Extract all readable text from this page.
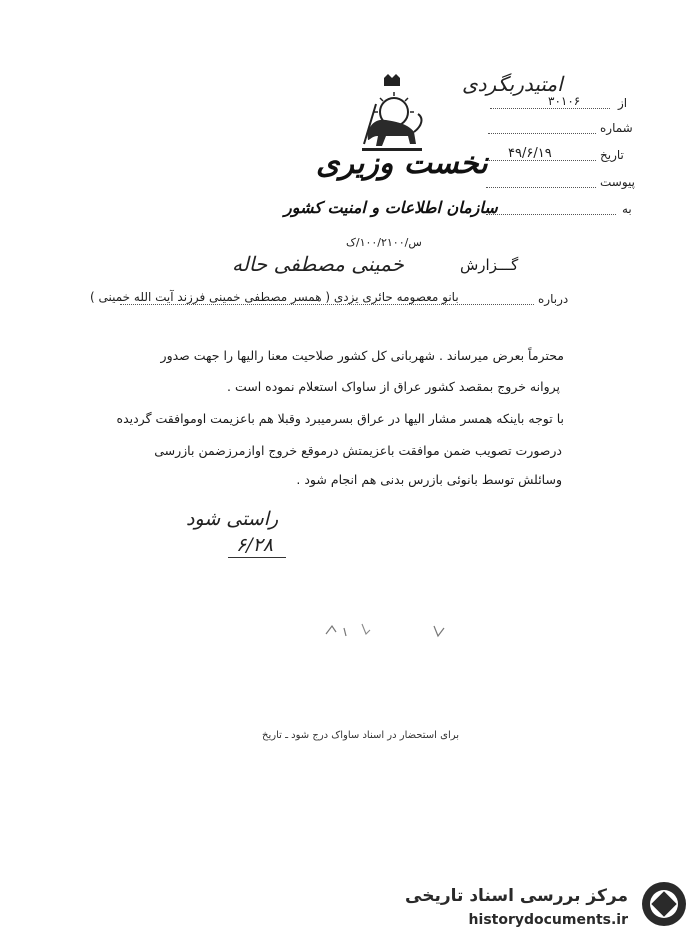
امتیدربگردی
از
۳۰۱۰۶
شماره
تاریخ
۴۹/۶/۱۹
پیوست
به
نخست وزیری
سازمان اطلاعات و امنیت کشور
س/۱۰۰/۲۱۰۰/ک
گـــزارش
خمینی مصطفی حاله
درباره
بانو معصومه حائری یزدی ( همسر مصطفی خمینی فرزند آیت الله خمینی )
محترماً بعرض میرساند . شهربانی کل کشور صلاحیت معنا رالیها را جهت صدور
پروانه خروج بمقصد کشور عراق از ساواک استعلام نموده است .
با توجه باینکه همسر مشار الیها در عراق بسرمیبرد وقبلا هم باعزیمت اوموافقت گردیده
درصورت تصویب ضمن موافقت باعزیمتش درموقع خروج اوازمرزضمن بازرسی
وسائلش توسط بانوئی بازرس بدنی هم انجام شود .
راستی شود
۶/۲۸
برای استحضار در اسناد ساواک درج شود ـ تاریخ
مرکز بررسی اسناد تاریخی
historydocuments.ir
